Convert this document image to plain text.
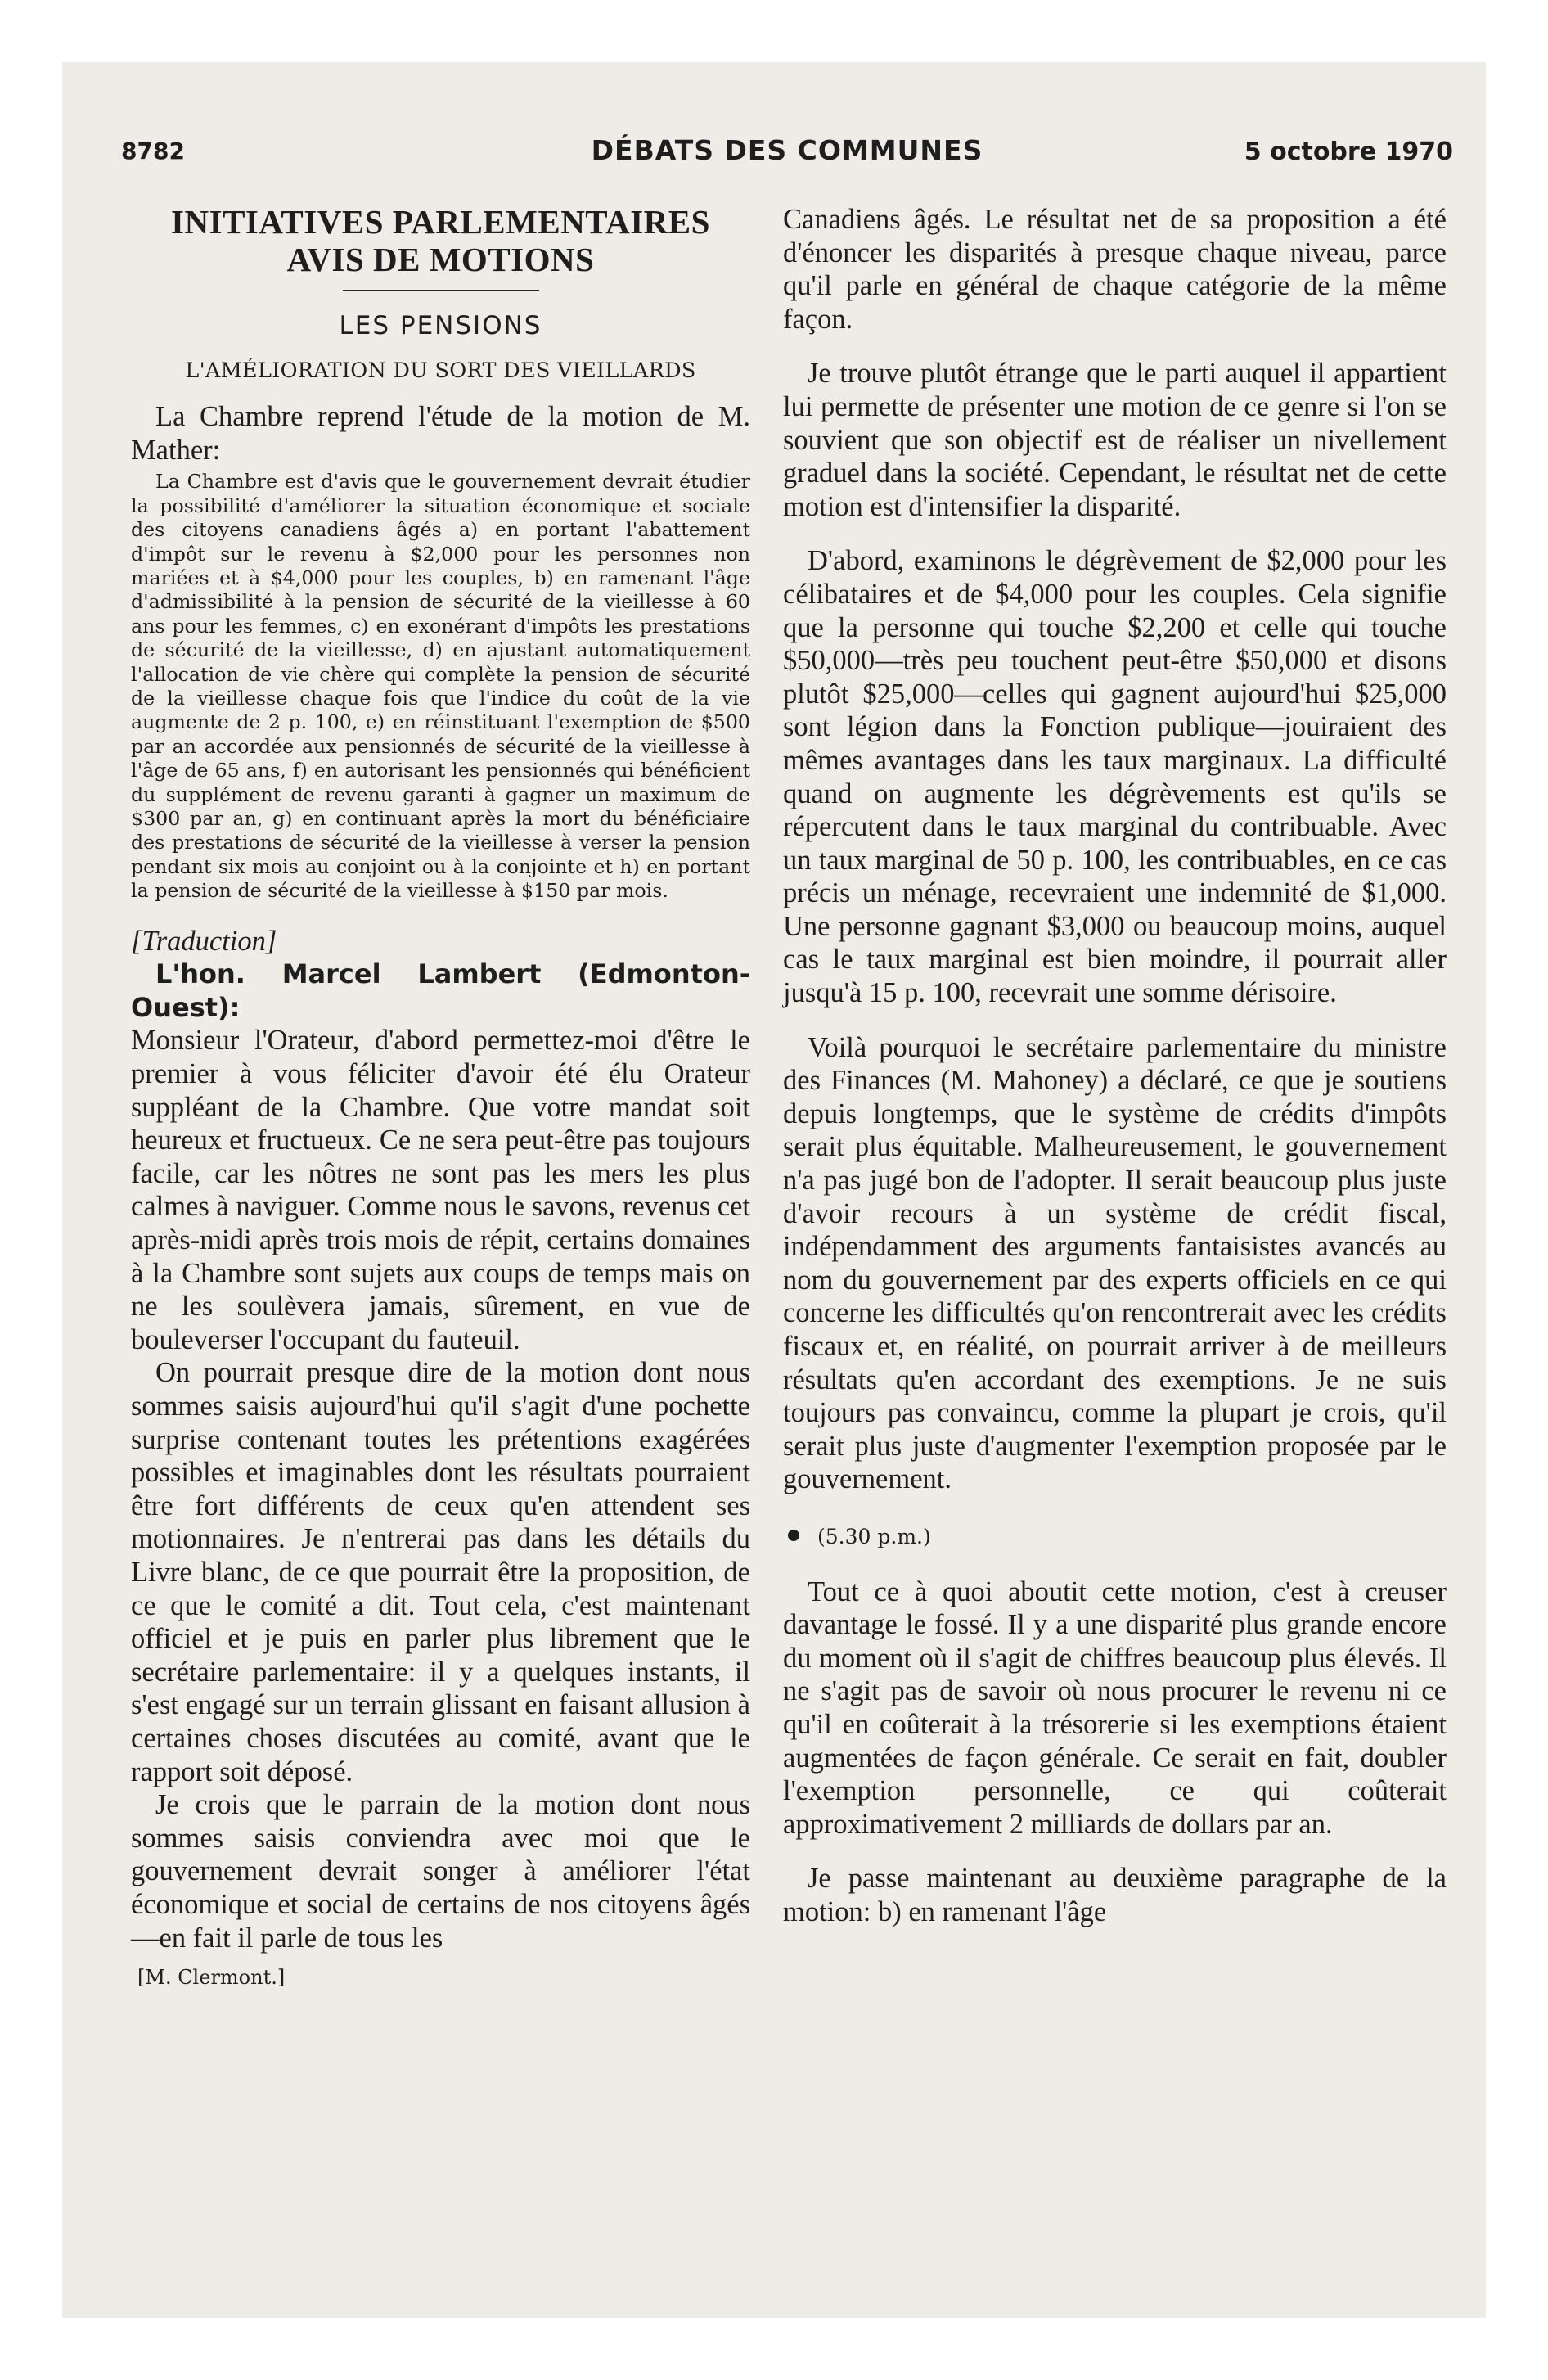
8782	DÉBATS DES COMMUNES	5 octobre 1970
INITIATIVES PARLEMENTAIRES
AVIS DE MOTIONS
LES PENSIONS
L'AMÉLIORATION DU SORT DES VIEILLARDS

La Chambre reprend l'étude de la motion de M. Mather:

La Chambre est d'avis que le gouvernement devrait étudier la possibilité d'améliorer la situation économique et sociale des citoyens canadiens âgés a) en portant l'abattement d'impôt sur le revenu à $2,000 pour les personnes non mariées et à $4,000 pour les couples, b) en ramenant l'âge d'admissibilité à la pension de sécurité de la vieillesse à 60 ans pour les femmes, c) en exonérant d'impôts les prestations de sécurité de la vieillesse, d) en ajustant automatiquement l'allocation de vie chère qui complète la pension de sécurité de la vieillesse chaque fois que l'indice du coût de la vie augmente de 2 p. 100, e) en réinstituant l'exemption de $500 par an accordée aux pensionnés de sécurité de la vieillesse à l'âge de 65 ans, f) en autorisant les pensionnés qui bénéficient du supplément de revenu garanti à gagner un maximum de $300 par an, g) en continuant après la mort du bénéficiaire des prestations de sécurité de la vieillesse à verser la pension pendant six mois au conjoint ou à la conjointe et h) en portant la pension de sécurité de la vieillesse à $150 par mois.

[Traduction]

L'hon. Marcel Lambert (Edmonton-Ouest):

Monsieur l'Orateur, d'abord permettez-moi d'être le premier à vous féliciter d'avoir été élu Orateur suppléant de la Chambre. Que votre mandat soit heureux et fructueux. Ce ne sera peut-être pas toujours facile, car les nôtres ne sont pas les mers les plus calmes à naviguer. Comme nous le savons, revenus cet après-midi après trois mois de répit, certains domaines à la Chambre sont sujets aux coups de temps mais on ne les soulèvera jamais, sûrement, en vue de bouleverser l'occupant du fauteuil.

On pourrait presque dire de la motion dont nous sommes saisis aujourd'hui qu'il s'agit d'une pochette surprise contenant toutes les prétentions exagérées possibles et imaginables dont les résultats pourraient être fort différents de ceux qu'en attendent ses motionnaires. Je n'entrerai pas dans les détails du Livre blanc, de ce que pourrait être la proposition, de ce que le comité a dit. Tout cela, c'est maintenant officiel et je puis en parler plus librement que le secrétaire parlementaire: il y a quelques instants, il s'est engagé sur un terrain glissant en faisant allusion à certaines choses discutées au comité, avant que le rapport soit déposé.

Je crois que le parrain de la motion dont nous sommes saisis conviendra avec moi que le gouvernement devrait songer à améliorer l'état économique et social de certains de nos citoyens âgés—en fait il parle de tous les

[M. Clermont.]

Canadiens âgés. Le résultat net de sa proposition a été d'énoncer les disparités à presque chaque niveau, parce qu'il parle en général de chaque catégorie de la même façon.

Je trouve plutôt étrange que le parti auquel il appartient lui permette de présenter une motion de ce genre si l'on se souvient que son objectif est de réaliser un nivellement graduel dans la société. Cependant, le résultat net de cette motion est d'intensifier la disparité.

D'abord, examinons le dégrèvement de $2,000 pour les célibataires et de $4,000 pour les couples. Cela signifie que la personne qui touche $2,200 et celle qui touche $50,000—très peu touchent peut-être $50,000 et disons plutôt $25,000—celles qui gagnent aujourd'hui $25,000 sont légion dans la Fonction publique—jouiraient des mêmes avantages dans les taux marginaux. La difficulté quand on augmente les dégrèvements est qu'ils se répercutent dans le taux marginal du contribuable. Avec un taux marginal de 50 p. 100, les contribuables, en ce cas précis un ménage, recevraient une indemnité de $1,000. Une personne gagnant $3,000 ou beaucoup moins, auquel cas le taux marginal est bien moindre, il pourrait aller jusqu'à 15 p. 100, recevrait une somme dérisoire.

Voilà pourquoi le secrétaire parlementaire du ministre des Finances (M. Mahoney) a déclaré, ce que je soutiens depuis longtemps, que le système de crédits d'impôts serait plus équitable. Malheureusement, le gouvernement n'a pas jugé bon de l'adopter. Il serait beaucoup plus juste d'avoir recours à un système de crédit fiscal, indépendamment des arguments fantaisistes avancés au nom du gouvernement par des experts officiels en ce qui concerne les difficultés qu'on rencontrerait avec les crédits fiscaux et, en réalité, on pourrait arriver à de meilleurs résultats qu'en accordant des exemptions. Je ne suis toujours pas convaincu, comme la plupart je crois, qu'il serait plus juste d'augmenter l'exemption proposée par le gouvernement.

(5.30 p.m.)

Tout ce à quoi aboutit cette motion, c'est à creuser davantage le fossé. Il y a une disparité plus grande encore du moment où il s'agit de chiffres beaucoup plus élevés. Il ne s'agit pas de savoir où nous procurer le revenu ni ce qu'il en coûterait à la trésorerie si les exemptions étaient augmentées de façon générale. Ce serait en fait, doubler l'exemption personnelle, ce qui coûterait approximativement 2 milliards de dollars par an.

Je passe maintenant au deuxième paragraphe de la motion: b) en ramenant l'âge
